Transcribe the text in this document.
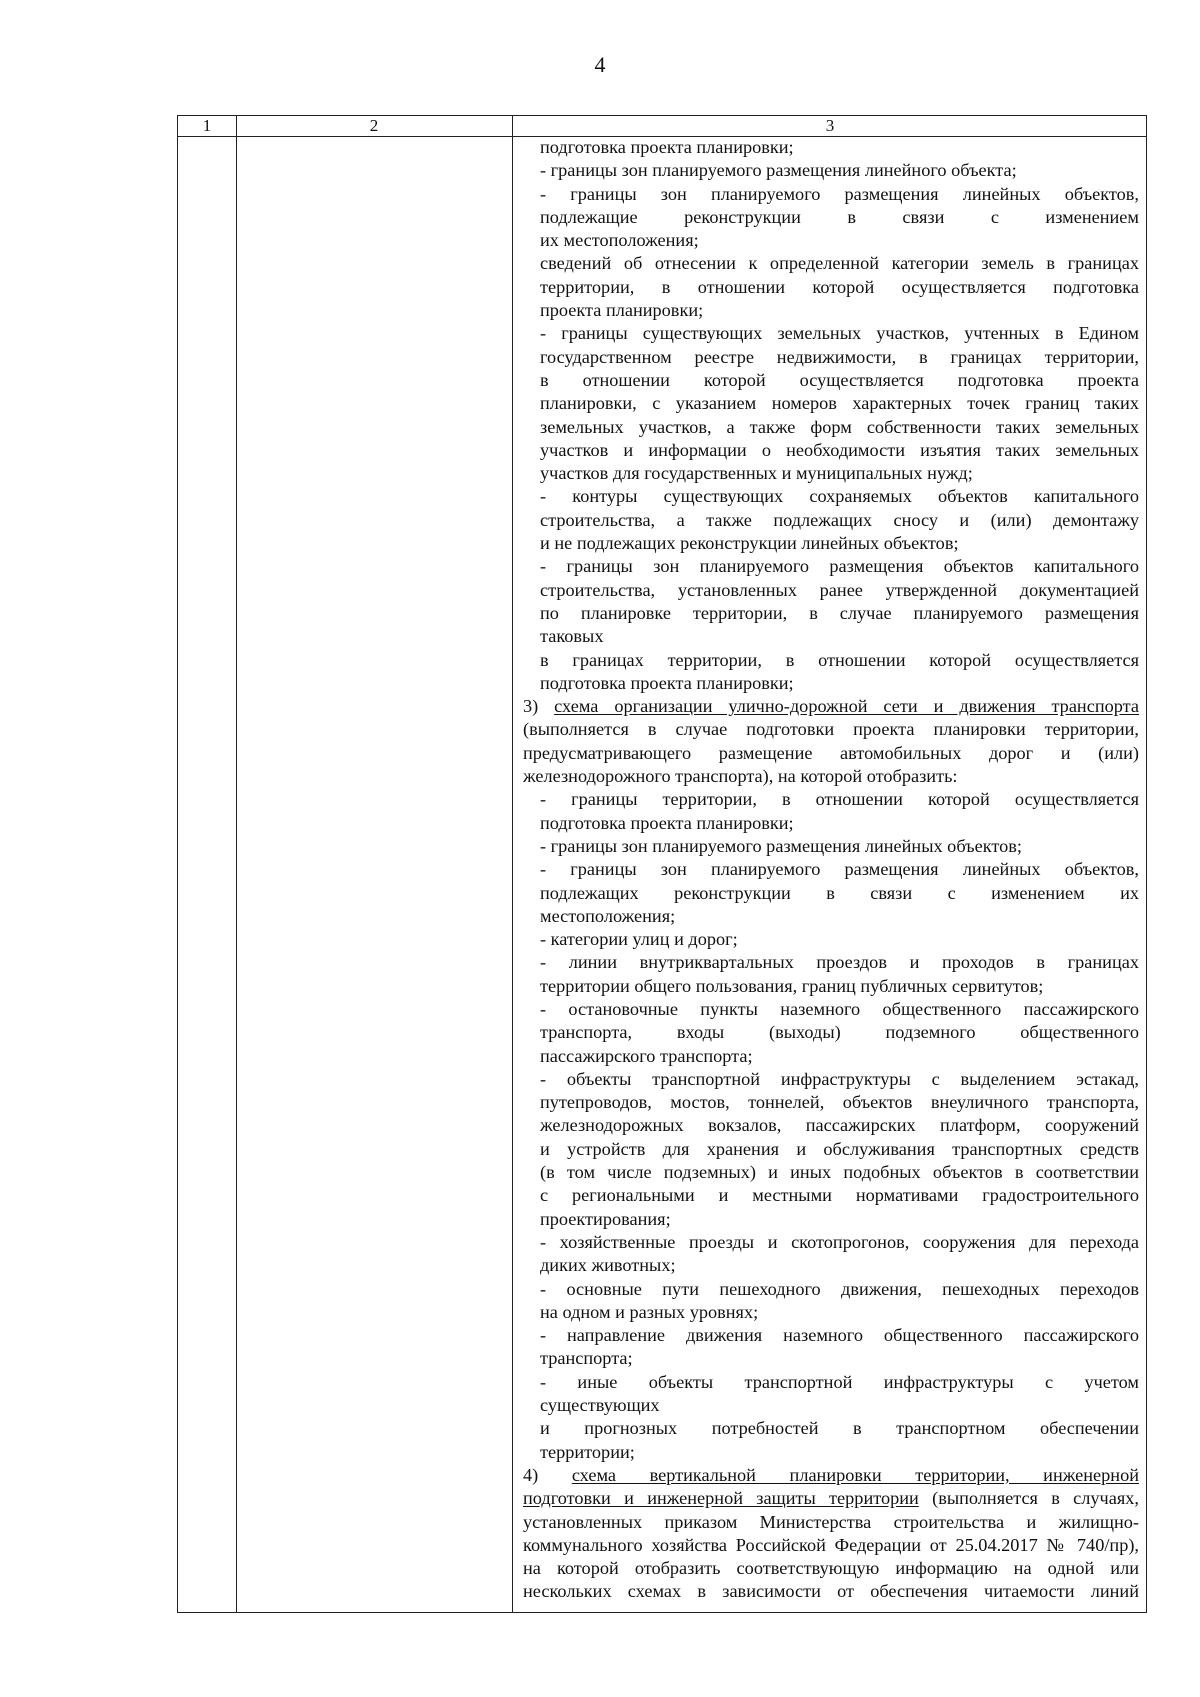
4
1	2	3
подготовка проекта планировки;
- границы зон планируемого размещения линейного объекта;
- границы зон планируемого размещения линейных объектов,
подлежащие реконструкции в связи с изменением
их местоположения;
сведений об отнесении к определенной категории земель в границах
территории, в отношении которой осуществляется подготовка
проекта планировки;
- границы существующих земельных участков, учтенных в Едином
государственном реестре недвижимости, в границах территории,
в отношении которой осуществляется подготовка проекта
планировки, с указанием номеров характерных точек границ таких
земельных участков, а также форм собственности таких земельных
участков и информации о необходимости изъятия таких земельных
участков для государственных и муниципальных нужд;
- контуры существующих сохраняемых объектов капитального
строительства, а также подлежащих сносу и (или) демонтажу
и не подлежащих реконструкции линейных объектов;
- границы зон планируемого размещения объектов капитального
строительства, установленных ранее утвержденной документацией
по планировке территории, в случае планируемого размещения
таковых
в границах территории, в отношении которой осуществляется
подготовка проекта планировки;
3) схема организации улично-дорожной сети и движения транспорта
(выполняется в случае подготовки проекта планировки территории,
предусматривающего размещение автомобильных дорог и (или)
железнодорожного транспорта), на которой отобразить:
- границы территории, в отношении которой осуществляется
подготовка проекта планировки;
- границы зон планируемого размещения линейных объектов;
- границы зон планируемого размещения линейных объектов,
подлежащих реконструкции в связи с изменением их
местоположения;
- категории улиц и дорог;
- линии внутриквартальных проездов и проходов в границах
территории общего пользования, границ публичных сервитутов;
- остановочные пункты наземного общественного пассажирского
транспорта, входы (выходы) подземного общественного
пассажирского транспорта;
- объекты транспортной инфраструктуры с выделением эстакад,
путепроводов, мостов, тоннелей, объектов внеуличного транспорта,
железнодорожных вокзалов, пассажирских платформ, сооружений
и устройств для хранения и обслуживания транспортных средств
(в том числе подземных) и иных подобных объектов в соответствии
с региональными и местными нормативами градостроительного
проектирования;
- хозяйственные проезды и скотопрогонов, сооружения для перехода
диких животных;
- основные пути пешеходного движения, пешеходных переходов
на одном и разных уровнях;
- направление движения наземного общественного пассажирского
транспорта;
- иные объекты транспортной инфраструктуры с учетом
существующих
и прогнозных потребностей в транспортном обеспечении
территории;
4) схема вертикальной планировки территории, инженерной
подготовки и инженерной защиты территории (выполняется в случаях,
установленных приказом Министерства строительства и жилищно-
коммунального хозяйства Российской Федерации от 25.04.2017 № 740/пр),
на которой отобразить соответствующую информацию на одной или
нескольких схемах в зависимости от обеспечения читаемости линий
